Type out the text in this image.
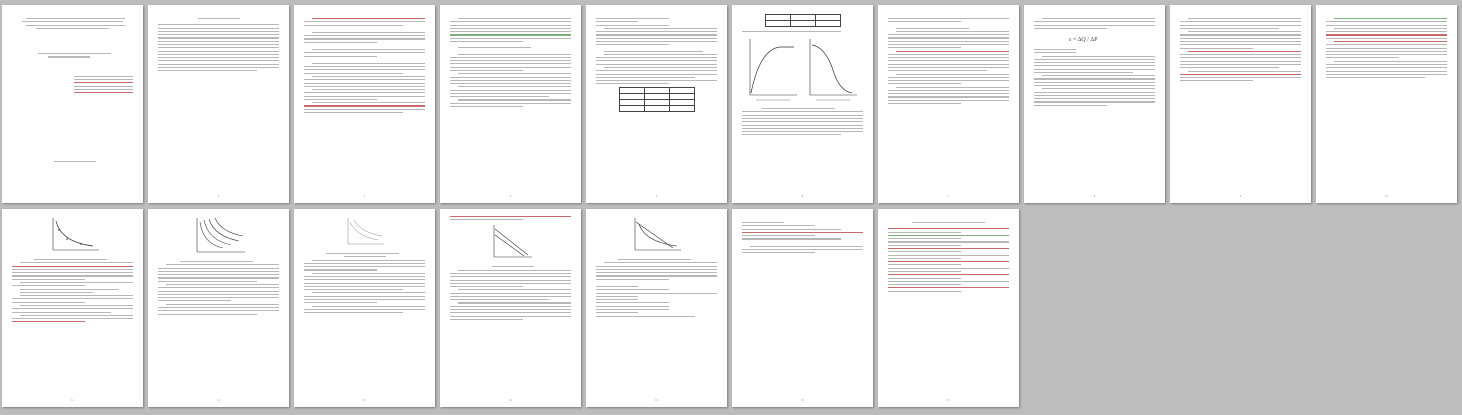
2	3	4

			5

			6	7
ε = ΔQ / ΔP
8	9	10
11	12	13	14	15	16	17
